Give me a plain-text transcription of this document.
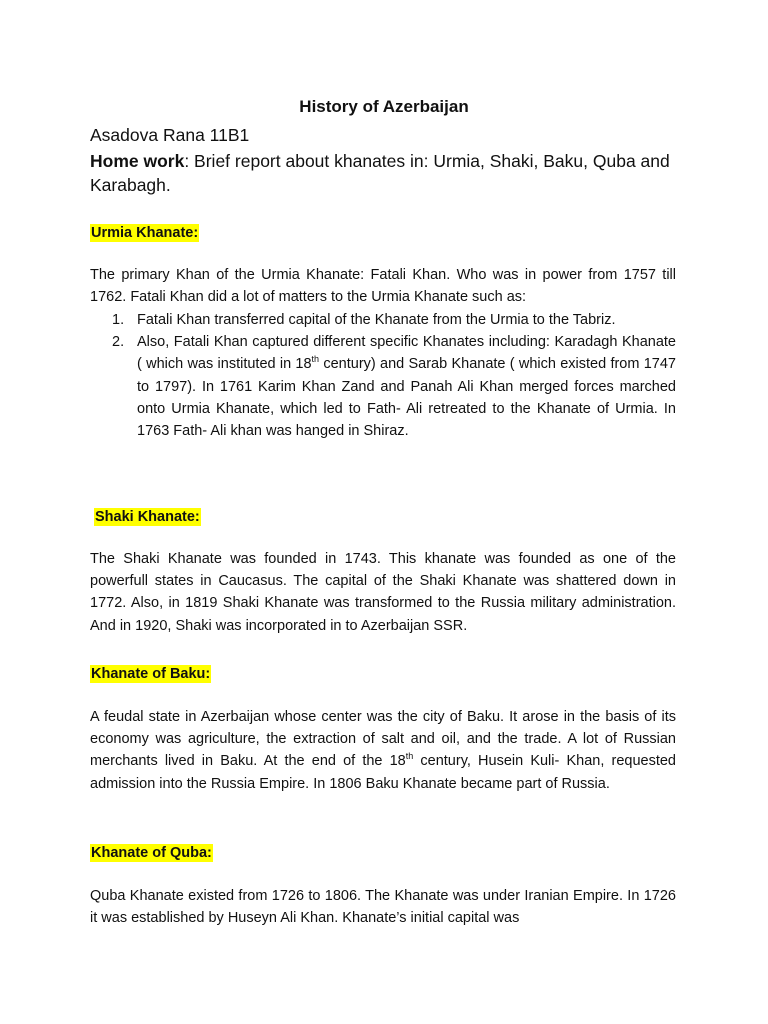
History of Azerbaijan
Asadova Rana 11B1
Home work: Brief report about khanates in: Urmia, Shaki, Baku, Quba and Karabagh.
Urmia Khanate:
The primary Khan of the Urmia Khanate: Fatali Khan. Who was in power from 1757 till 1762. Fatali Khan did a lot of matters to the Urmia Khanate such as:
1. Fatali Khan transferred capital of the Khanate from the Urmia to the Tabriz.
2. Also, Fatali Khan captured different specific Khanates including: Karadagh Khanate ( which was instituted in 18th century) and Sarab Khanate ( which existed from 1747 to 1797). In 1761 Karim Khan Zand and Panah Ali Khan merged forces marched onto Urmia Khanate, which led to Fath- Ali retreated to the Khanate of Urmia. In 1763 Fath- Ali khan was hanged in Shiraz.
Shaki Khanate:
The Shaki Khanate was founded in 1743. This khanate was founded as one of the powerfull states in Caucasus. The capital of the Shaki Khanate was shattered down in 1772. Also, in 1819 Shaki Khanate was transformed to the Russia military administration. And in 1920, Shaki was incorporated in to Azerbaijan SSR.
Khanate of Baku:
A feudal state in Azerbaijan whose center was the city of Baku. It arose in the basis of its economy was agriculture, the extraction of salt and oil, and the trade. A lot of Russian merchants lived in Baku. At the end of the 18th century, Husein Kuli- Khan, requested admission into the Russia Empire. In 1806 Baku Khanate became part of Russia.
Khanate of Quba:
Quba Khanate existed from 1726 to 1806. The Khanate was under Iranian Empire. In 1726 it was established by Huseyn Ali Khan. Khanate’s initial capital was
